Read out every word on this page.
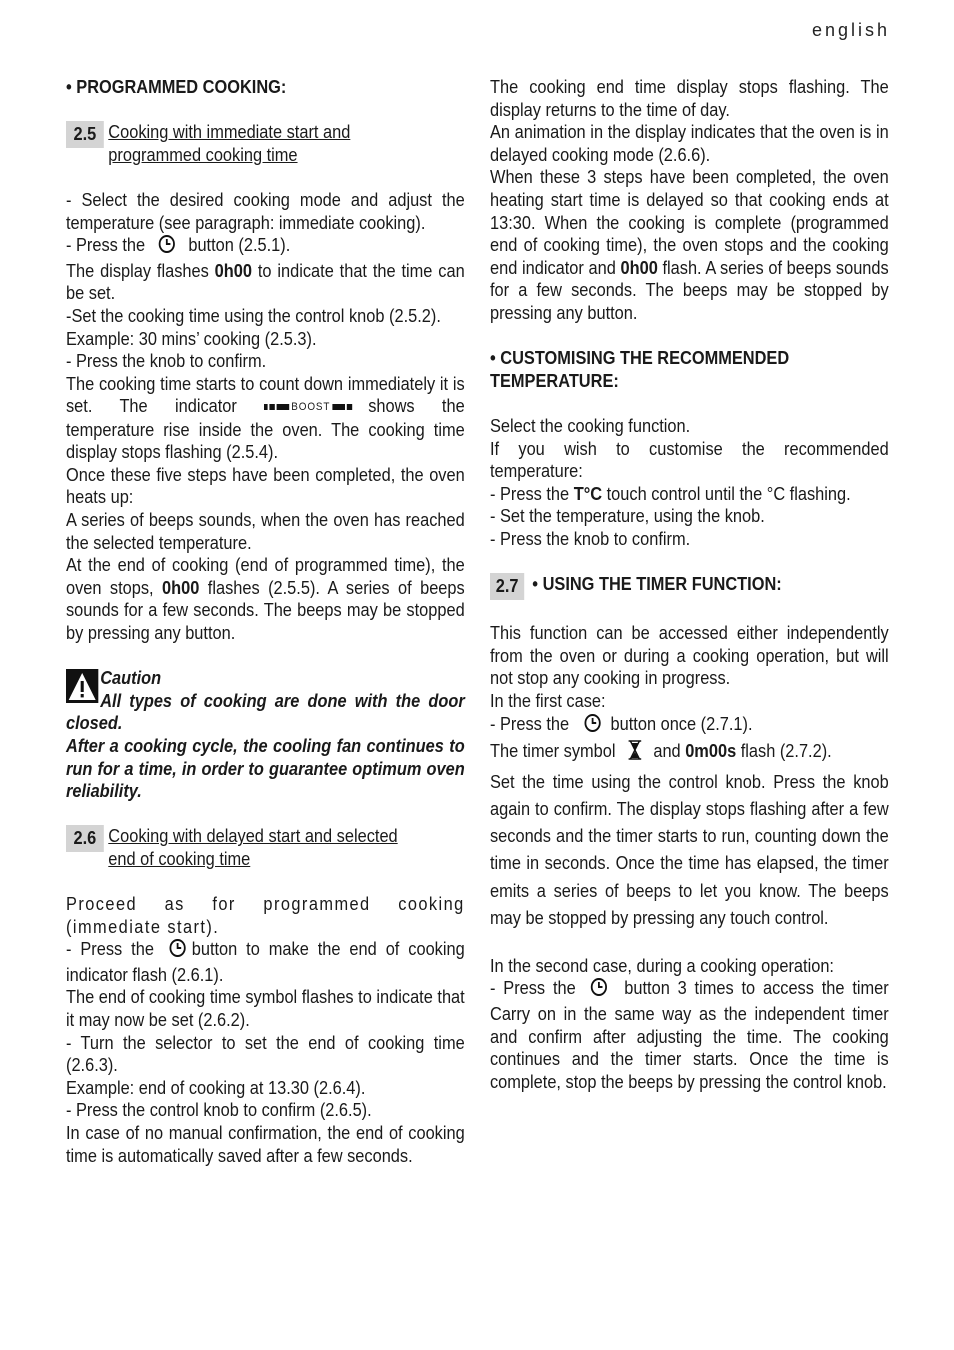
english

• PROGRAMMED COOKING:

2.5 Cooking with immediate start and
programmed cooking time

- Select the desired cooking mode and adjust the temperature (see paragraph: immediate cooking).

- Press the button (2.5.1).

The display flashes 0h00 to indicate that the time can be set.

-Set the cooking time using the control knob (2.5.2).

Example: 30 mins’ cooking (2.5.3).

- Press the knob to confirm.

The cooking time starts to count down immediately it is set. The indicator	BOOST shows the temperature rise inside the oven. The cooking time display stops flashing (2.5.4).

Once these five steps have been completed, the oven heats up:

A series of beeps sounds, when the oven has reached the selected temperature.

At the end of cooking (end of programmed time), the oven stops, 0h00 flashes (2.5.5). A series of beeps sounds for a few seconds. The beeps may be stopped by pressing any button.

Caution

All types of cooking are done with the door closed.

After a cooking cycle, the cooling fan continues to run for a time, in order to guarantee optimum oven reliability.

2.6 Cooking with delayed start and selected
end of cooking time

Proceed as for programmed cooking (immediate start).

- Press the button to make the end of cooking indicator flash (2.6.1).

The end of cooking time symbol flashes to indicate that it may now be set (2.6.2).

- Turn the selector to set the end of cooking time (2.6.3).

Example: end of cooking at 13.30 (2.6.4).

- Press the control knob to confirm (2.6.5).

In case of no manual confirmation, the end of cooking time is automatically saved after a few seconds.

The cooking end time display stops flashing. The display returns to the time of day.

An animation in the display indicates that the oven is in delayed cooking mode (2.6.6).

When these 3 steps have been completed, the oven heating start time is delayed so that cooking ends at 13:30. When the cooking is complete (programmed end of cooking time), the oven stops and the cooking end indicator and 0h00 flash. A series of beeps sounds for a few seconds. The beeps may be stopped by pressing any button.

• CUSTOMISING THE RECOMMENDED TEMPERATURE:

Select the cooking function.

If you wish to customise the recommended temperature:

- Press the T°C touch control until the °C flashing.

- Set the temperature, using the knob.

- Press the knob to confirm.

2.7 • USING THE TIMER FUNCTION:

This function can be accessed either independently from the oven or during a cooking operation, but will not stop any cooking in progress.

In the first case:

- Press the button once (2.7.1).

The timer symbol and 0m00s flash (2.7.2).

Set the time using the control knob. Press the knob again to confirm. The display stops flashing after a few seconds and the timer starts to run, counting down the time in seconds. Once the time has elapsed, the timer emits a series of beeps to let you know. The beeps may be stopped by pressing any touch control.

In the second case, during a cooking operation:

- Press the	button 3 times to access the timer Carry on in the same way as the independent timer and confirm after adjusting the time. The cooking continues and the timer starts. Once the time is complete, stop the beeps by pressing the control knob.
